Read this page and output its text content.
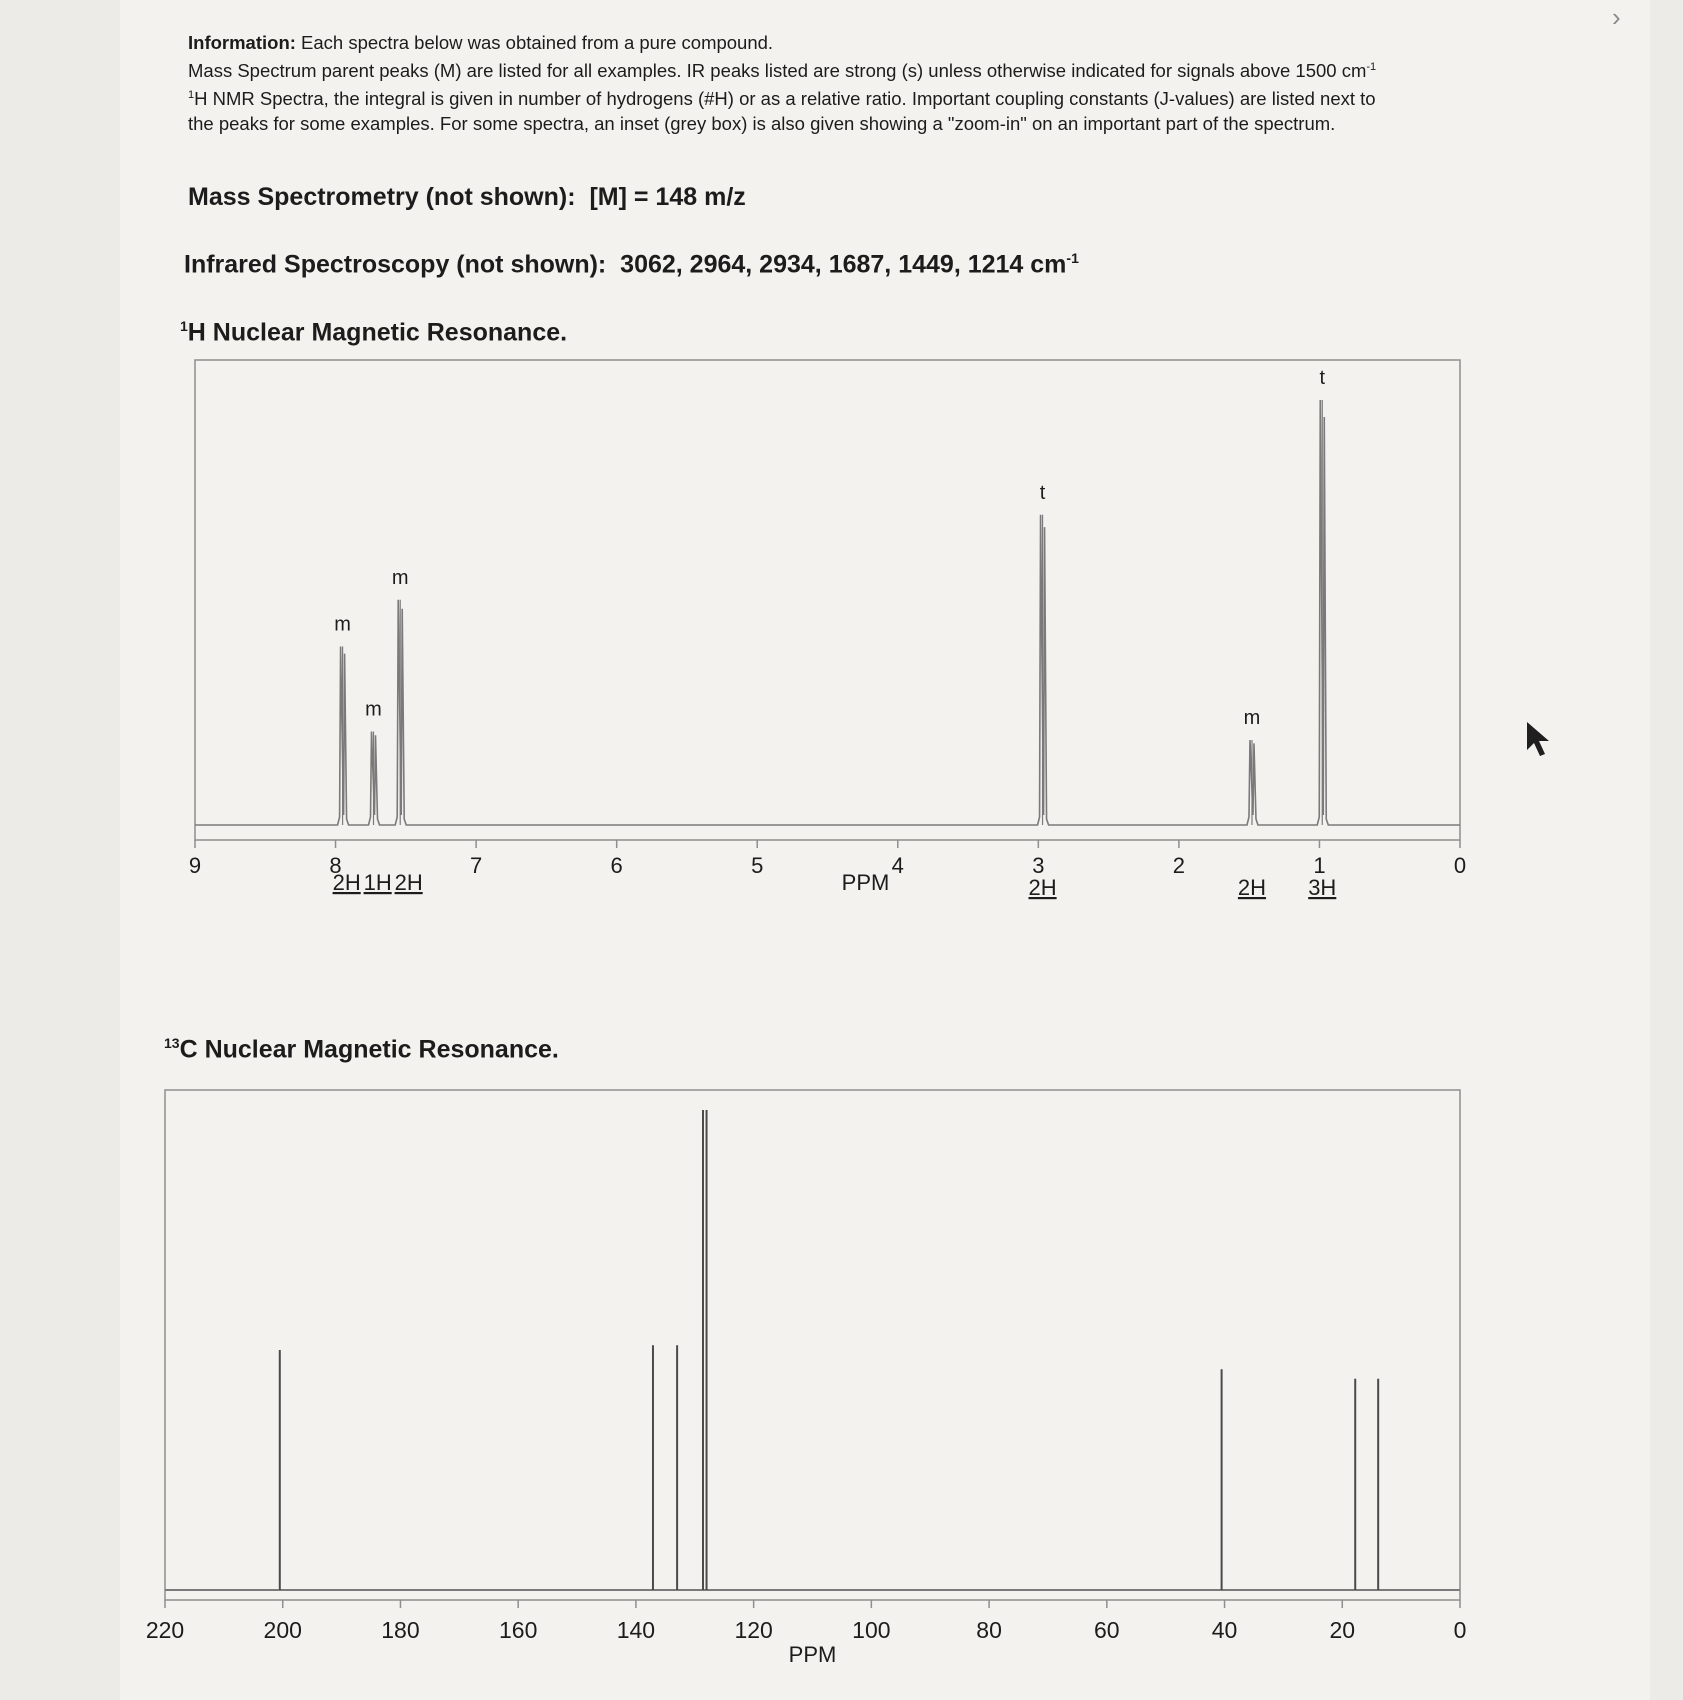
›

Information: Each spectra below was obtained from a pure compound.

Mass Spectrum parent peaks (M) are listed for all examples. IR peaks listed are strong (s) unless otherwise indicated for signals above 1500 $cm^{-1}$

$^1$H NMR Spectra, the integral is given in number of hydrogens (#H) or as a relative ratio. Important coupling constants (J-values) are listed next to

the peaks for some examples. For some spectra, an inset (grey box) is also given showing a "zoom-in" on an important part of the spectrum.

Mass Spectrometry (not shown): [M] = 148 m/z
Infrared Spectroscopy (not shown): 3062, 2964, 2934, 1687, 1449, 1214 $cm^{-1}$
$^1$H Nuclear Magnetic Resonance.
m
m
m
t
m
t
9	8	7	6	5	4	3	2	1	0
PPM
2H 1H 2H	2H	2H 3H
$^{13}$C Nuclear Magnetic Resonance.
220	200	180	160	140	120	100	80	60	40	20	0
PPM
